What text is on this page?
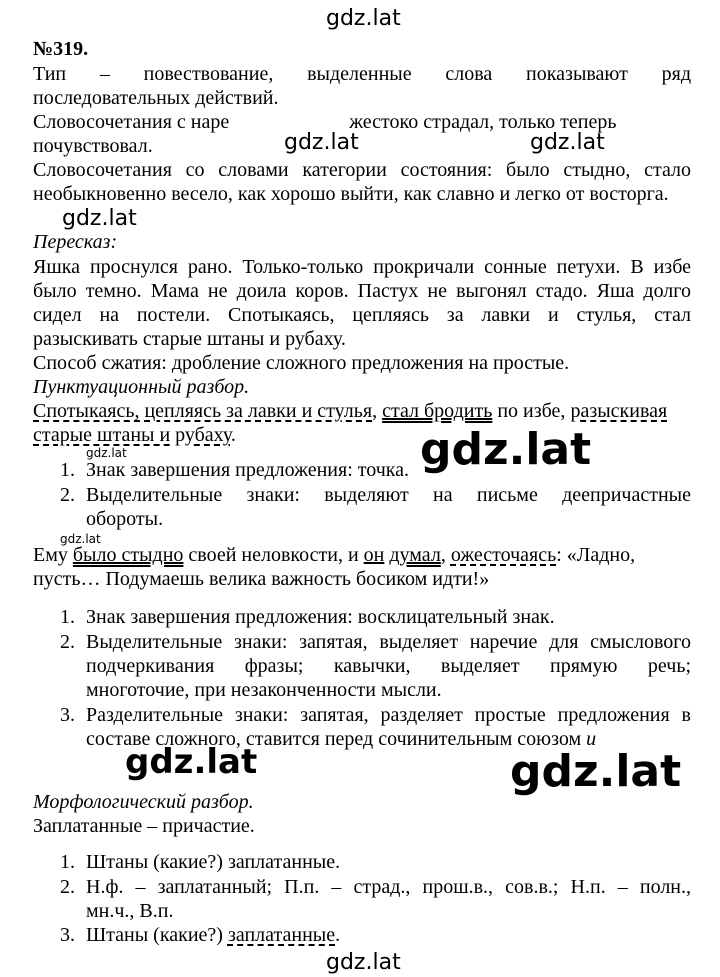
gdz.lat
№319.
Тип – повествование, выделенные слова показывают ряд
последовательных действий.
Словосочетания с наре	жестоко страдал, только теперь
почувствовал.	gdz.lat	gdz.lat
Словосочетания со словами категории состояния: было стыдно, стало
необыкновенно весело, как хорошо выйти, как славно и легко от восторга.
gdz.lat
Пересказ:
Яшка проснулся рано. Только-только прокричали сонные петухи. В избе
было темно. Мама не доила коров. Пастух не выгонял стадо. Яша долго
сидел на постели. Спотыкаясь, цепляясь за лавки и стулья, стал
разыскивать старые штаны и рубаху.
Способ сжатия: дробление сложного предложения на простые.
Пунктуационный разбор.
Спотыкаясь, цепляясь за лавки и стулья, стал бродить по избе, разыскивая
старые штаны и рубаху.
gdz.lat	gdz.lat
1. Знак завершения предложения: точка.
2. Выделительные знаки: выделяют на письме деепричастные
обороты.
gdz.lat
Ему было стыдно своей неловкости, и он думал, ожесточаясь: «Ладно,
пусть… Подумаешь велика важность босиком идти!»
1. Знак завершения предложения: восклицательный знак.
2. Выделительные знаки: запятая, выделяет наречие для смыслового
подчеркивания фразы; кавычки, выделяет прямую речь;
многоточие, при незаконченности мысли.
3. Разделительные знаки: запятая, разделяет простые предложения в
составе сложного, ставится перед сочинительным союзом и
gdz.lat	gdz.lat
Морфологический разбор.
Заплатанные – причастие.
1. Штаны (какие?) заплатанные.
2. Н.ф. – заплатанный; П.п. – страд., прош.в., сов.в.; Н.п. – полн.,
мн.ч., В.п.
3. Штаны (какие?) заплатанные.
gdz.lat
